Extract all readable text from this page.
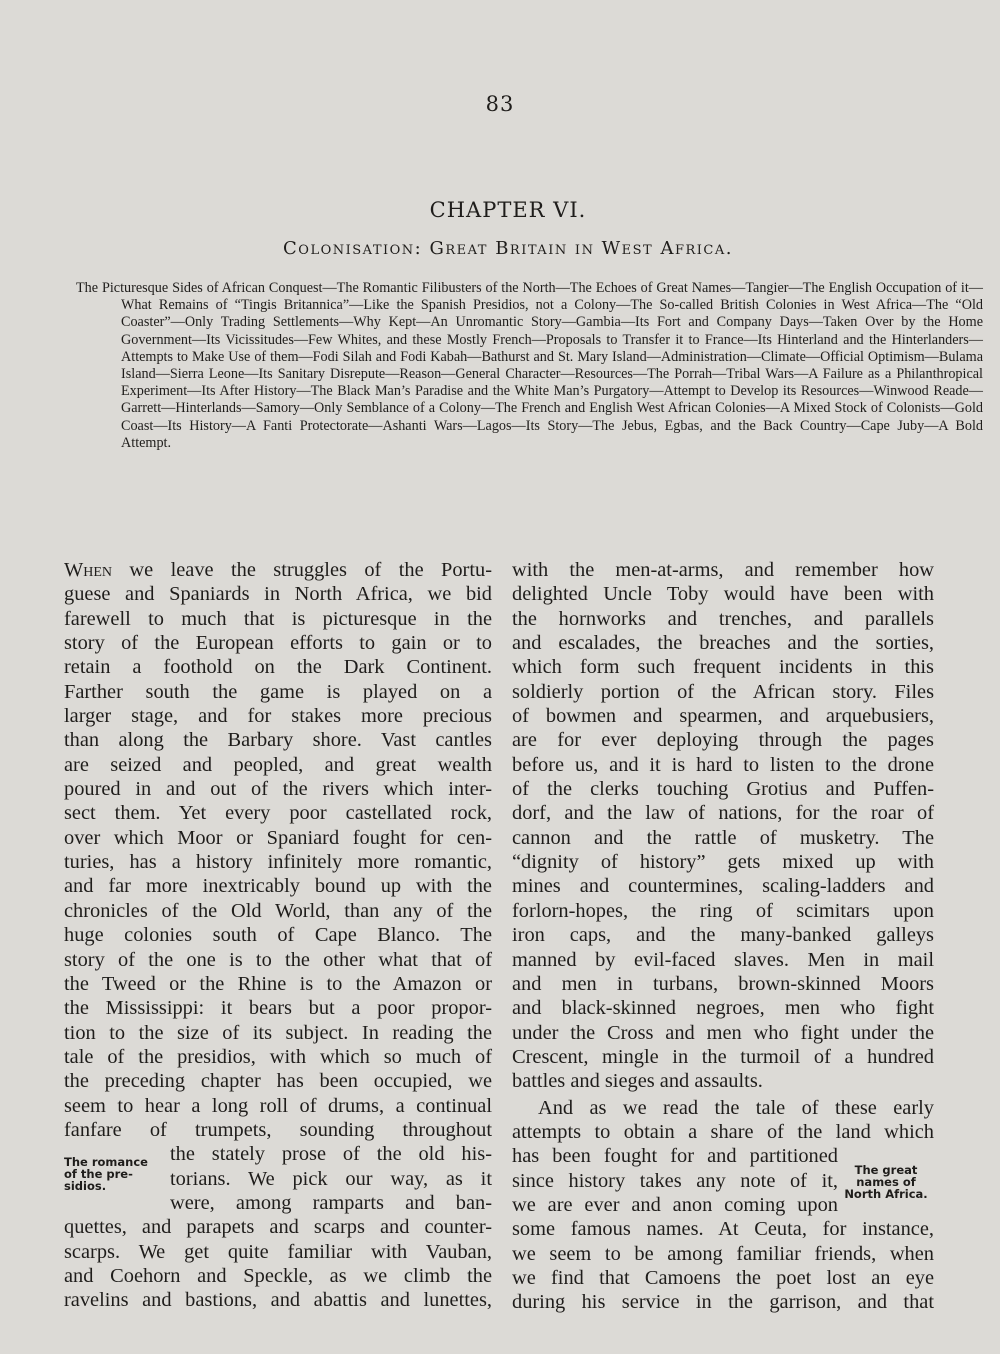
83
CHAPTER VI.
Colonisation: Great Britain in West Africa.

The Picturesque Sides of African Conquest—The Romantic Filibusters of the North—The Echoes of Great Names—Tangier—The English Occupation of it—What Remains of “Tingis Britannica”—Like the Spanish Presidios, not a Colony—The So-called British Colonies in West Africa—The “Old Coaster”—Only Trading Settlements—Why Kept—An Unromantic Story—Gambia—Its Fort and Company Days—Taken Over by the Home Government—Its Vicissitudes—Few Whites, and these Mostly French—Proposals to Transfer it to France—Its Hinterland and the Hinterlanders—Attempts to Make Use of them—Fodi Silah and Fodi Kabah—Bathurst and St. Mary Island—Administration—Climate—Official Optimism—Bulama Island—Sierra Leone—Its Sanitary Disrepute—Reason—General Character—Resources—The Porrah—Tribal Wars—A Failure as a Philanthropical Experiment—Its After History—The Black Man’s Paradise and the White Man’s Purgatory—Attempt to Develop its Resources—Winwood Reade—Garrett—Hinterlands—Samory—Only Semblance of a Colony—The French and English West African Colonies—A Mixed Stock of Colonists—Gold Coast—Its History—A Fanti Protectorate—Ashanti Wars—Lagos—Its Story—The Jebus, Egbas, and the Back Country—Cape Juby—A Bold Attempt.

When we leave the struggles of the Portu-
guese and Spaniards in North Africa, we bid
farewell to much that is picturesque in the
story of the European efforts to gain or to
retain a foothold on the Dark Continent.
Farther south the game is played on a
larger stage, and for stakes more precious
than along the Barbary shore. Vast cantles
are seized and peopled, and great wealth
poured in and out of the rivers which inter-
sect them. Yet every poor castellated rock,
over which Moor or Spaniard fought for cen-
turies, has a history infinitely more romantic,
and far more inextricably bound up with the
chronicles of the Old World, than any of the
huge colonies south of Cape Blanco. The
story of the one is to the other what that of
the Tweed or the Rhine is to the Amazon or
the Mississippi: it bears but a poor propor-
tion to the size of its subject. In reading the
tale of the presidios, with which so much of
the preceding chapter has been occupied, we
seem to hear a long roll of drums, a continual
fanfare of trumpets, sounding throughout
the stately prose of the old his-
torians. We pick our way, as it
were, among ramparts and ban-
quettes, and parapets and scarps and counter-
scarps. We get quite familiar with Vauban,
and Coehorn and Speckle, as we climb the
ravelins and bastions, and abattis and lunettes,
with the men-at-arms, and remember how
delighted Uncle Toby would have been with
the hornworks and trenches, and parallels
and escalades, the breaches and the sorties,
which form such frequent incidents in this
soldierly portion of the African story. Files
of bowmen and spearmen, and arquebusiers,
are for ever deploying through the pages
before us, and it is hard to listen to the drone
of the clerks touching Grotius and Puffen-
dorf, and the law of nations, for the roar of
cannon and the rattle of musketry. The
“dignity of history” gets mixed up with
mines and countermines, scaling-ladders and
forlorn-hopes, the ring of scimitars upon
iron caps, and the many-banked galleys
manned by evil-faced slaves. Men in mail
and men in turbans, brown-skinned Moors
and black-skinned negroes, men who fight
under the Cross and men who fight under the
Crescent, mingle in the turmoil of a hundred
battles and sieges and assaults.
And as we read the tale of these early
attempts to obtain a share of the land which
has been fought for and partitioned
since history takes any note of it,
we are ever and anon coming upon
some famous names. At Ceuta, for instance,
we seem to be among familiar friends, when
we find that Camoens the poet lost an eye
during his service in the garrison, and that
The romance
of the pre-
sidios.
The great
names of
North Africa.
